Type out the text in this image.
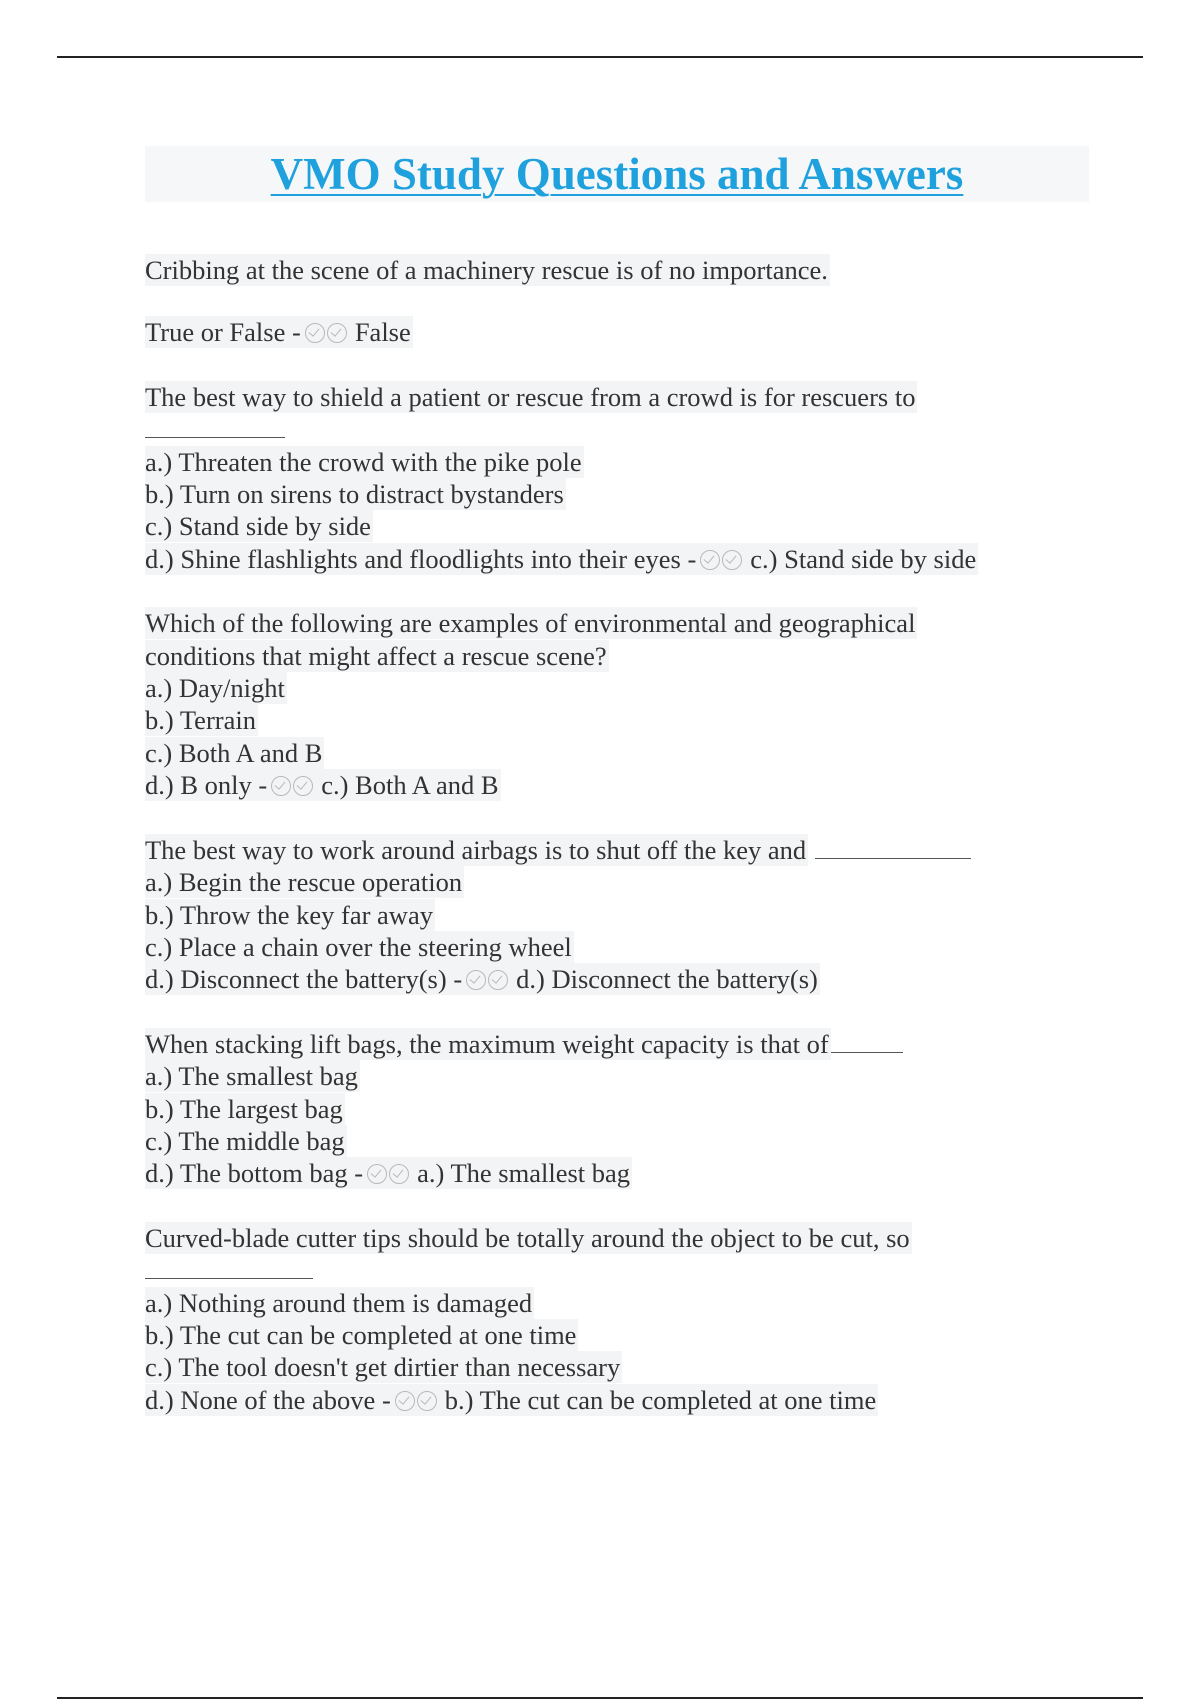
VMO Study Questions and Answers
Cribbing at the scene of a machinery rescue is of no importance.
True or False - False
The best way to shield a patient or rescue from a crowd is for rescuers to
a.) Threaten the crowd with the pike pole
b.) Turn on sirens to distract bystanders
c.) Stand side by side
d.) Shine flashlights and floodlights into their eyes - c.) Stand side by side
Which of the following are examples of environmental and geographical
conditions that might affect a rescue scene?
a.) Day/night
b.) Terrain
c.) Both A and B
d.) B only - c.) Both A and B
The best way to work around airbags is to shut off the key and
a.) Begin the rescue operation
b.) Throw the key far away
c.) Place a chain over the steering wheel
d.) Disconnect the battery(s) - d.) Disconnect the battery(s)
When stacking lift bags, the maximum weight capacity is that of
a.) The smallest bag
b.) The largest bag
c.) The middle bag
d.) The bottom bag - a.) The smallest bag
Curved-blade cutter tips should be totally around the object to be cut, so
a.) Nothing around them is damaged
b.) The cut can be completed at one time
c.) The tool doesn't get dirtier than necessary
d.) None of the above - b.) The cut can be completed at one time
